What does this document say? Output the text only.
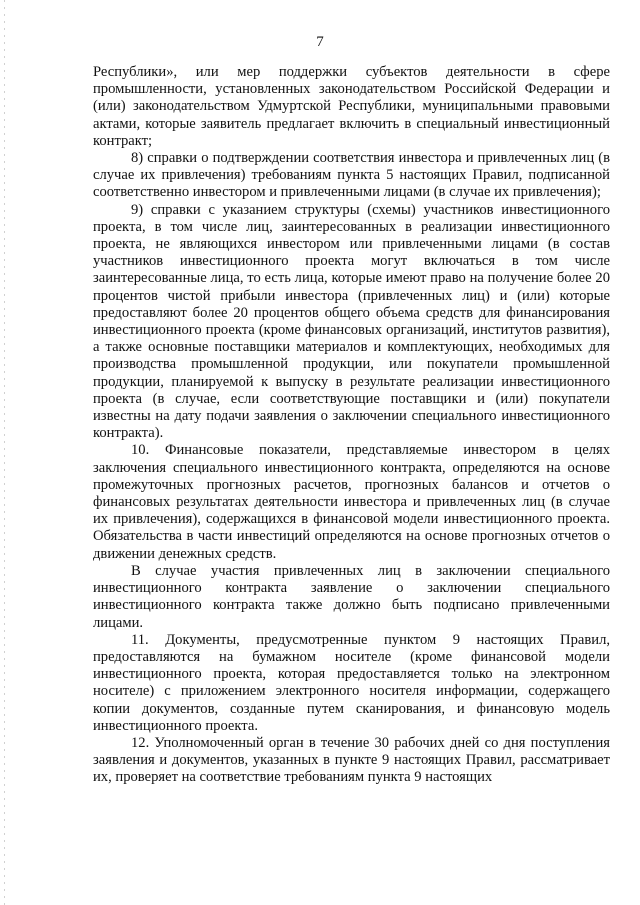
7

Республики», или мер поддержки субъектов деятельности в сфере промышленности, установленных законодательством Российской Федерации и (или) законодательством Удмуртской Республики, муниципальными правовыми актами, которые заявитель предлагает включить в специальный инвестиционный контракт;

8) справки о подтверждении соответствия инвестора и привлеченных лиц (в случае их привлечения) требованиям пункта 5 настоящих Правил, подписанной соответственно инвестором и привлеченными лицами (в случае их привлечения);

9) справки с указанием структуры (схемы) участников инвестиционного проекта, в том числе лиц, заинтересованных в реализации инвестиционного проекта, не являющихся инвестором или привлеченными лицами (в состав участников инвестиционного проекта могут включаться в том числе заинтересованные лица, то есть лица, которые имеют право на получение более 20 процентов чистой прибыли инвестора (привлеченных лиц) и (или) которые предоставляют более 20 процентов общего объема средств для финансирования инвестиционного проекта (кроме финансовых организаций, институтов развития), а также основные поставщики материалов и комплектующих, необходимых для производства промышленной продукции, или покупатели промышленной продукции, планируемой к выпуску в результате реализации инвестиционного проекта (в случае, если соответствующие поставщики и (или) покупатели известны на дату подачи заявления о заключении специального инвестиционного контракта).

10. Финансовые показатели, представляемые инвестором в целях заключения специального инвестиционного контракта, определяются на основе промежуточных прогнозных расчетов, прогнозных балансов и отчетов о финансовых результатах деятельности инвестора и привлеченных лиц (в случае их привлечения), содержащихся в финансовой модели инвестиционного проекта. Обязательства в части инвестиций определяются на основе прогнозных отчетов о движении денежных средств.

В случае участия привлеченных лиц в заключении специального инвестиционного контракта заявление о заключении специального инвестиционного контракта также должно быть подписано привлеченными лицами.

11. Документы, предусмотренные пунктом 9 настоящих Правил, предоставляются на бумажном носителе (кроме финансовой модели инвестиционного проекта, которая предоставляется только на электронном носителе) с приложением электронного носителя информации, содержащего копии документов, созданные путем сканирования, и финансовую модель инвестиционного проекта.

12. Уполномоченный орган в течение 30 рабочих дней со дня поступления заявления и документов, указанных в пункте 9 настоящих Правил, рассматривает их, проверяет на соответствие требованиям пункта 9 настоящих
